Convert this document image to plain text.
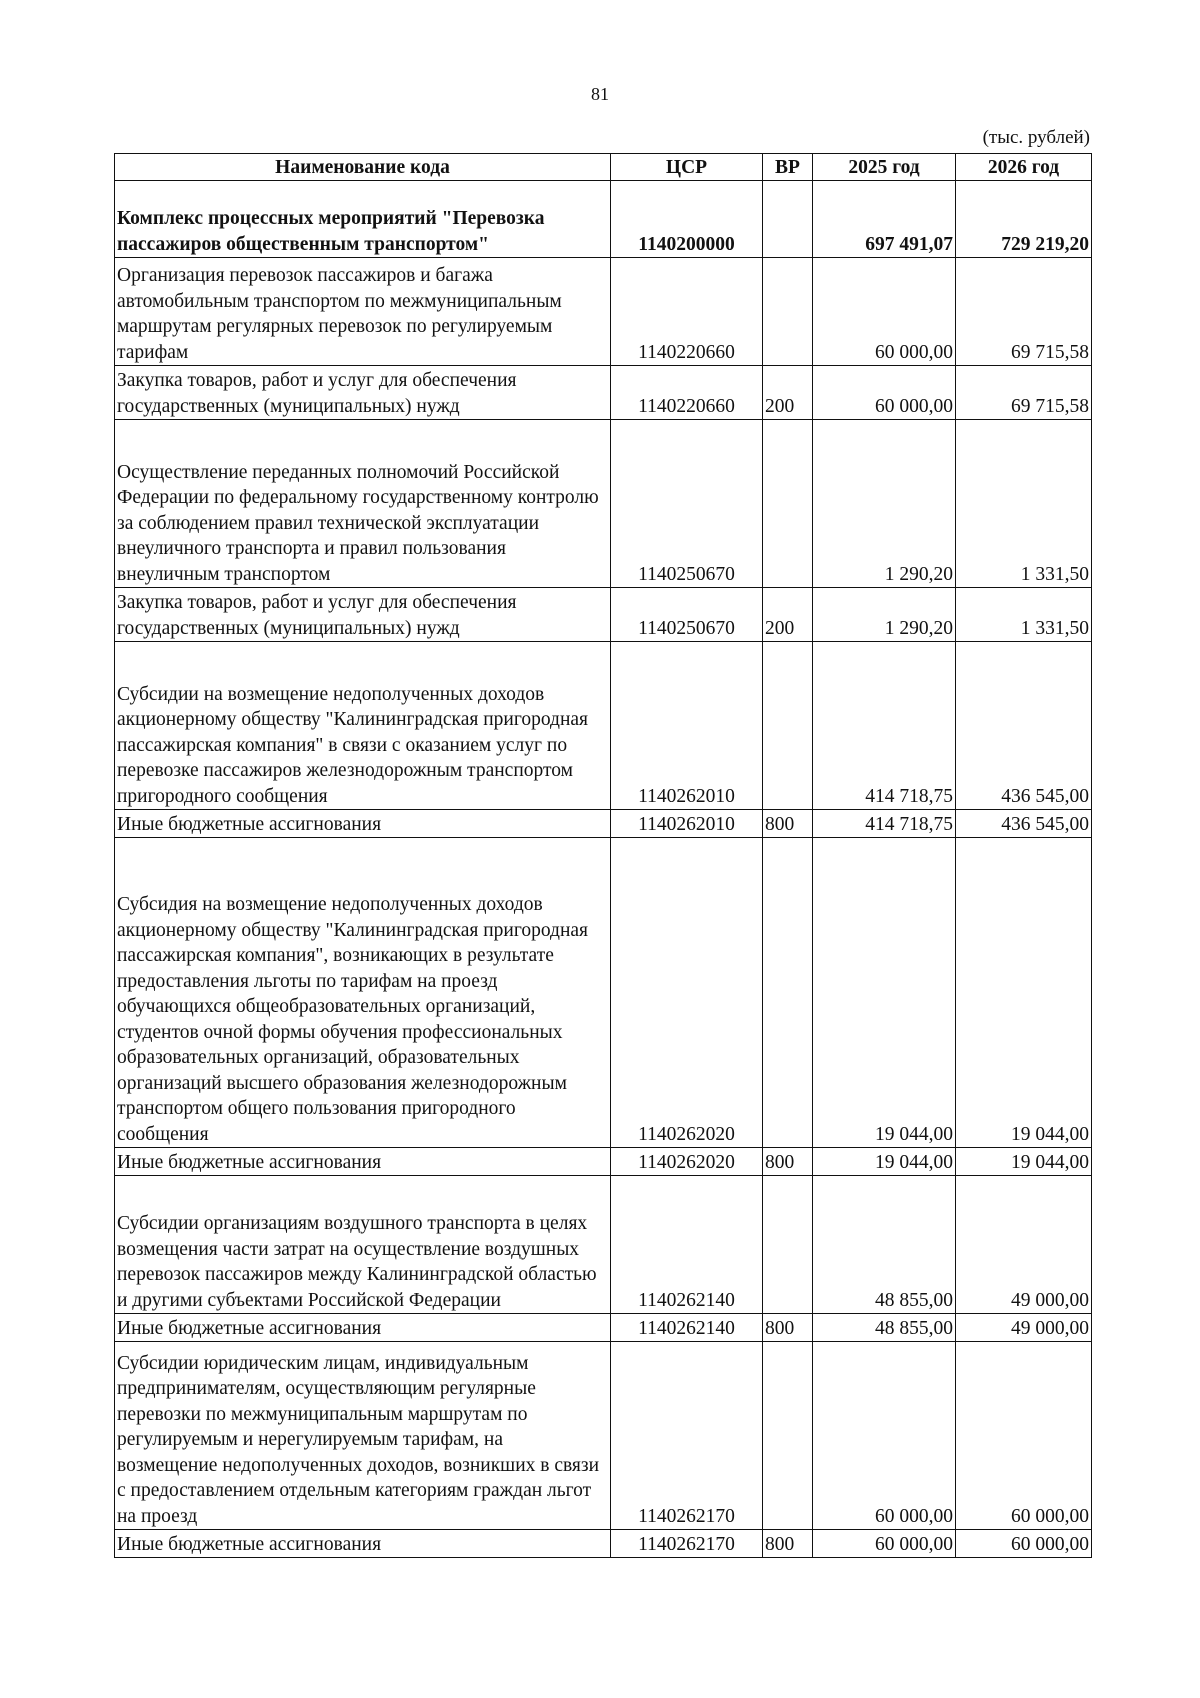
81
(тыс. рублей)
Наименование кода	ЦСР	ВР	2025 год	2026 год
Комплекс процессных мероприятий "Перевозка пассажиров общественным транспортом"	1140200000		697 491,07	729 219,20
Организация перевозок пассажиров и багажа автомобильным транспортом по межмуниципальным маршрутам регулярных перевозок по регулируемым тарифам	1140220660		60 000,00	69 715,58
Закупка товаров, работ и услуг для обеспечения государственных (муниципальных) нужд	1140220660	200	60 000,00	69 715,58
Осуществление переданных полномочий Российской Федерации по федеральному государственному контролю за соблюдением правил технической эксплуатации внеуличного транспорта и правил пользования внеуличным транспортом	1140250670		1 290,20	1 331,50
Закупка товаров, работ и услуг для обеспечения государственных (муниципальных) нужд	1140250670	200	1 290,20	1 331,50
Субсидии на возмещение недополученных доходов акционерному обществу "Калининградская пригородная пассажирская компания" в связи с оказанием услуг по перевозке пассажиров железнодорожным транспортом пригородного сообщения	1140262010		414 718,75	436 545,00
Иные бюджетные ассигнования	1140262010	800	414 718,75	436 545,00
Субсидия на возмещение недополученных доходов акционерному обществу "Калининградская пригородная пассажирская компания", возникающих в результате предоставления льготы по тарифам на проезд обучающихся общеобразовательных организаций, студентов очной формы обучения профессиональных образовательных организаций, образовательных организаций высшего образования железнодорожным транспортом общего пользования пригородного сообщения	1140262020		19 044,00	19 044,00
Иные бюджетные ассигнования	1140262020	800	19 044,00	19 044,00
Субсидии организациям воздушного транспорта в целях возмещения части затрат на осуществление воздушных перевозок пассажиров между Калининградской областью и другими субъектами Российской Федерации	1140262140		48 855,00	49 000,00
Иные бюджетные ассигнования	1140262140	800	48 855,00	49 000,00
Субсидии юридическим лицам, индивидуальным предпринимателям, осуществляющим регулярные перевозки по межмуниципальным маршрутам по регулируемым и нерегулируемым тарифам, на возмещение недополученных доходов, возникших в связи с предоставлением отдельным категориям граждан льгот на проезд	1140262170		60 000,00	60 000,00
Иные бюджетные ассигнования	1140262170	800	60 000,00	60 000,00
